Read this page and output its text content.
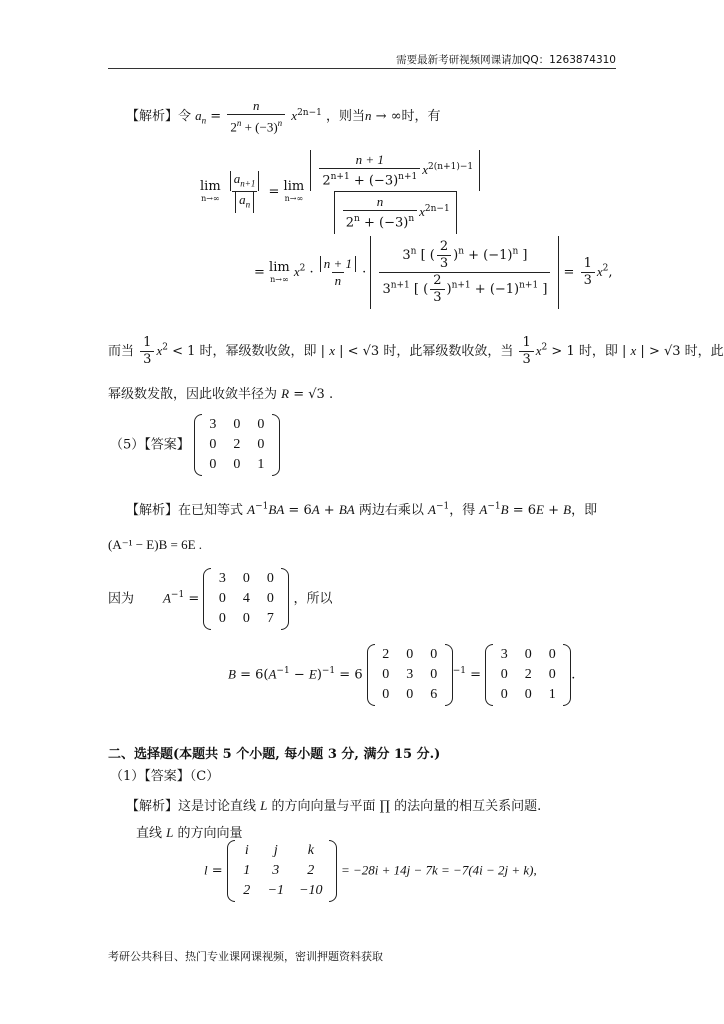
需要最新考研视频网课请加QQ：1263874310
【解析】令 $a_n = \frac{n}{2^n + (-3)^n} x^{2n-1}$ ，则当n → ∞时，有
lim
n→∞
$\frac{a_{n+1}}{a_n} = \lim$
n→∞
$\frac{\frac{n + 1}{2^{n+1} + (-3)^{n+1}} x^{2(n+1)-1}}{\frac{n}{2^n + (-3)^n} x^{2n-1}}$
= lim
n→∞
$x^2 \cdot \frac{n + 1}{n} \cdot \frac{3^n [ ( \frac{2}{3} )^n + (-1)^n ]}{3^{n+1} [ ( \frac{2}{3} )^{n+1} + (-1)^{n+1} ]} = \frac{1}{3} x^2$,
而当 $\frac{1}{3} x^2 < 1$ 时，幂级数收敛，即 | x | < √3 时，此幂级数收敛，当 $\frac{1}{3} x^2 > 1$ 时，即 | x | > √3 时，此
幂级数发散，因此收敛半径为 R = √3 .
（5）【答案】
3 0 0
0 2 0
0 0 1
【解析】在已知等式 $A^{-1}BA = 6A$ + BA 两边右乘以 $A^{-1}$，得 $A^{-1}B = 6E + B$，即
(A⁻¹ − E)B = 6E .
因为 $A^{-1}$ =
3 0 0
0 4 0
0 0 7
，所以
$B = 6(A^{-1} - E)^{-1} = 6$
2 0 0
0 3 0
0 0 6
$^{-1}$ =
3 0 0
0 2 0
0 0 1
.
二、选择题(本题共 5 个小题, 每小题 3 分, 满分 15 分.)
（1）【答案】（C）
【解析】这是讨论直线 L 的方向向量与平面 ∏ 的法向量的相互关系问题.
直线 L 的方向向量
l =
i	j	k
1	3	2
2	−1 −10
= −28i + 14j − 7k = −7(4i − 2j + k),
考研公共科目、热门专业课网课视频，密训押题资料获取
